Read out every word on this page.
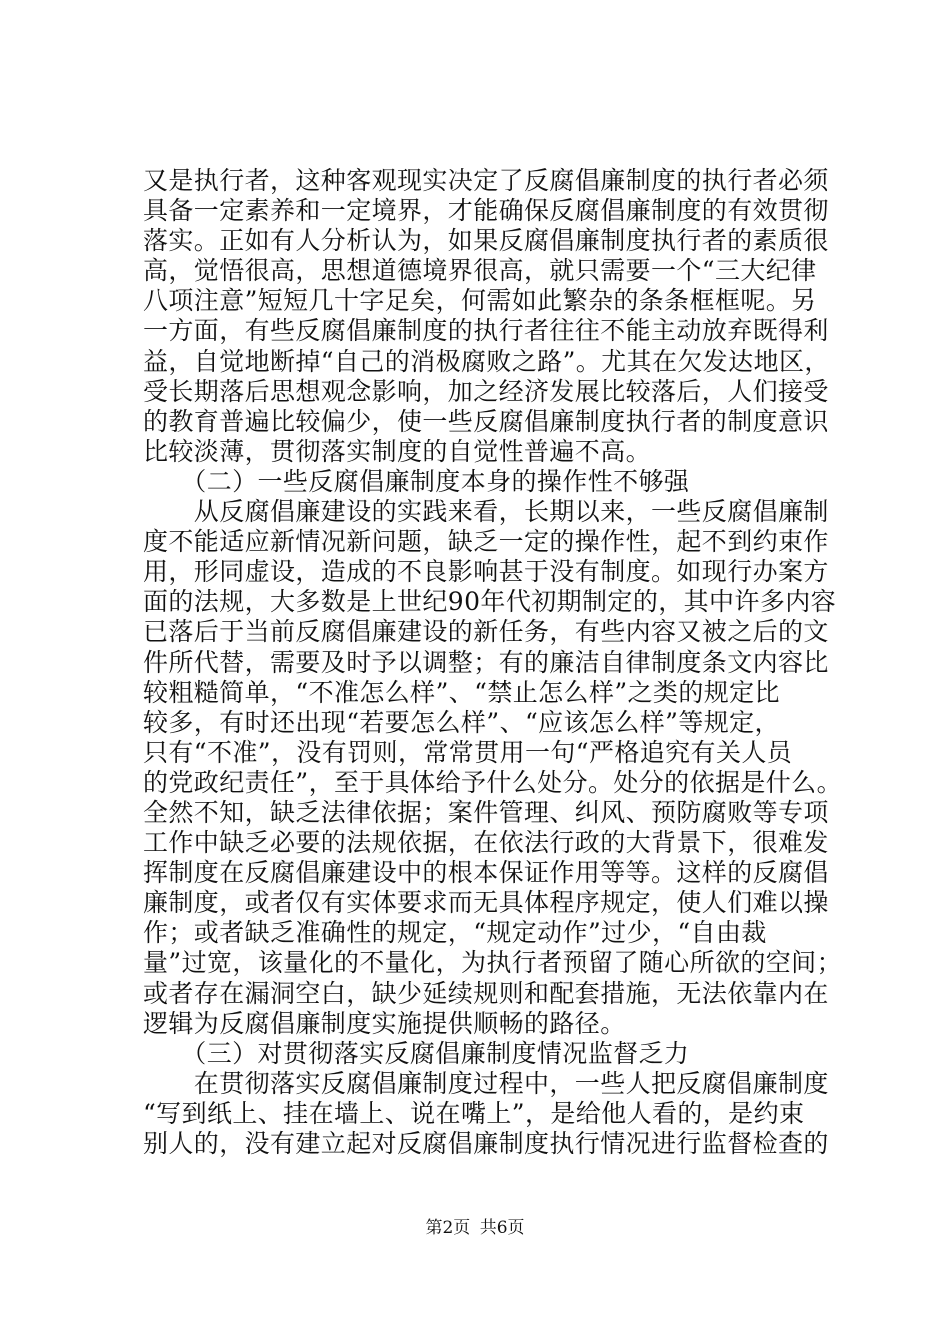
又是执行者，这种客观现实决定了反腐倡廉制度的执行者必须
具备一定素养和一定境界，才能确保反腐倡廉制度的有效贯彻
落实。正如有人分析认为，如果反腐倡廉制度执行者的素质很
高，觉悟很高，思想道德境界很高，就只需要一个“三大纪律
八项注意”短短几十字足矣，何需如此繁杂的条条框框呢。另
一方面，有些反腐倡廉制度的执行者往往不能主动放弃既得利
益，自觉地断掉“自己的消极腐败之路”。尤其在欠发达地区，
受长期落后思想观念影响，加之经济发展比较落后，人们接受
的教育普遍比较偏少，使一些反腐倡廉制度执行者的制度意识
比较淡薄，贯彻落实制度的自觉性普遍不高。
　　（二）一些反腐倡廉制度本身的操作性不够强
　　从反腐倡廉建设的实践来看，长期以来，一些反腐倡廉制
度不能适应新情况新问题，缺乏一定的操作性，起不到约束作
用，形同虚设，造成的不良影响甚于没有制度。如现行办案方
面的法规，大多数是上世纪90年代初期制定的，其中许多内容
已落后于当前反腐倡廉建设的新任务，有些内容又被之后的文
件所代替，需要及时予以调整；有的廉洁自律制度条文内容比
较粗糙简单，“不准怎么样”、“禁止怎么样”之类的规定比
较多，有时还出现“若要怎么样”、“应该怎么样”等规定，
只有“不准”，没有罚则，常常贯用一句“严格追究有关人员
的党政纪责任”，至于具体给予什么处分。处分的依据是什么。
全然不知，缺乏法律依据；案件管理、纠风、预防腐败等专项
工作中缺乏必要的法规依据，在依法行政的大背景下，很难发
挥制度在反腐倡廉建设中的根本保证作用等等。这样的反腐倡
廉制度，或者仅有实体要求而无具体程序规定，使人们难以操
作；或者缺乏准确性的规定，“规定动作”过少，“自由裁
量”过宽，该量化的不量化，为执行者预留了随心所欲的空间；
或者存在漏洞空白，缺少延续规则和配套措施，无法依靠内在
逻辑为反腐倡廉制度实施提供顺畅的路径。
　　（三）对贯彻落实反腐倡廉制度情况监督乏力
　　在贯彻落实反腐倡廉制度过程中，一些人把反腐倡廉制度
“写到纸上、挂在墙上、说在嘴上”，是给他人看的，是约束
别人的，没有建立起对反腐倡廉制度执行情况进行监督检查的
第2页 共6页
